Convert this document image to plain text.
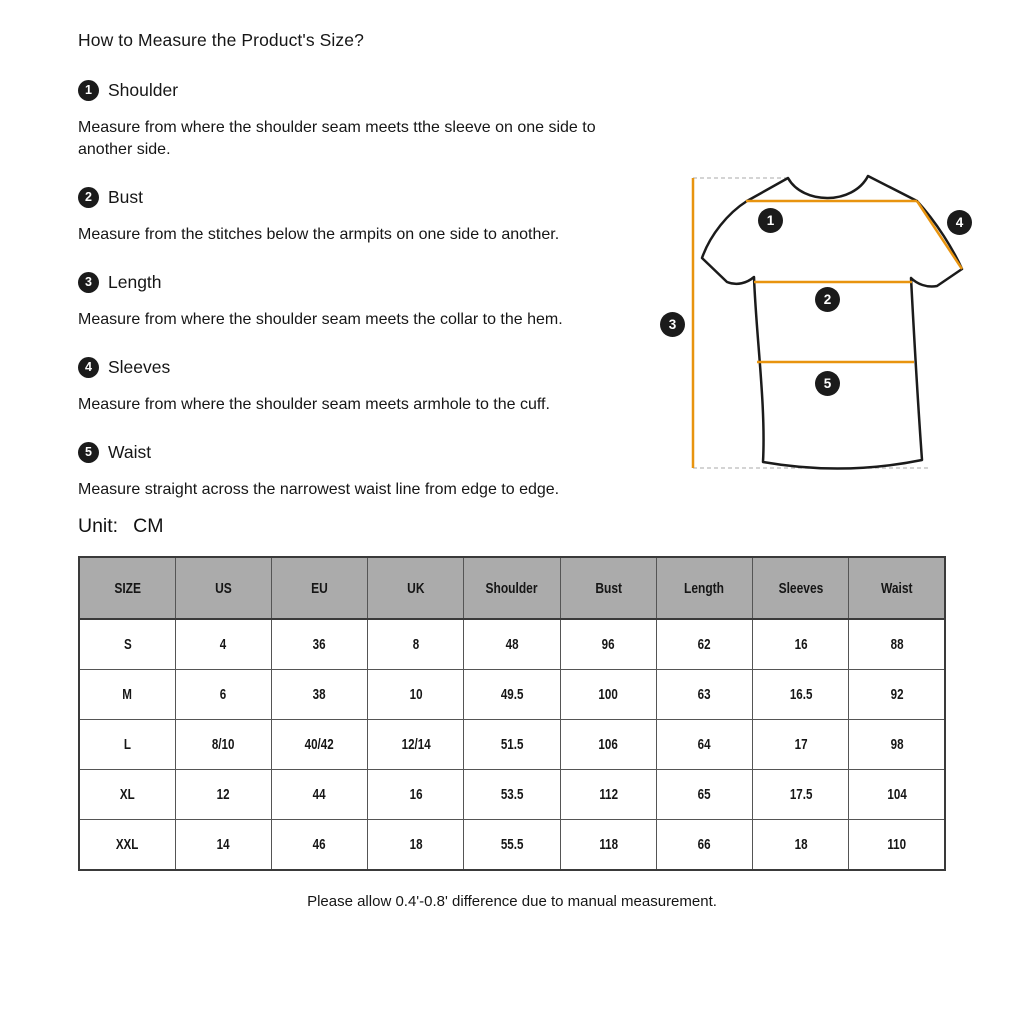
How to Measure the Product's Size?
1 Shoulder

Measure from where the shoulder seam meets tthe sleeve on one side to another side.

2 Bust

Measure from the stitches below the armpits on one side to another.

3 Length

Measure from where the shoulder seam meets the collar to the hem.

4 Sleeves

Measure from where the shoulder seam meets armhole to the cuff.

5 Waist

Measure straight across the narrowest waist line from edge to edge.

Unit: CM
SIZE	US	EU	UK	Shoulder	Bust	Length	Sleeves	Waist
S	4	36	8	48	96	62	16	88
M	6	38	10	49.5	100	63	16.5	92
L	8/10	40/42	12/14	51.5	106	64	17	98
XL	12	44	16	53.5	112	65	17.5	104
XXL	14	46	18	55.5	118	66	18	110

Please allow 0.4'-0.8' difference due to manual measurement.

1
2
3
4
5
